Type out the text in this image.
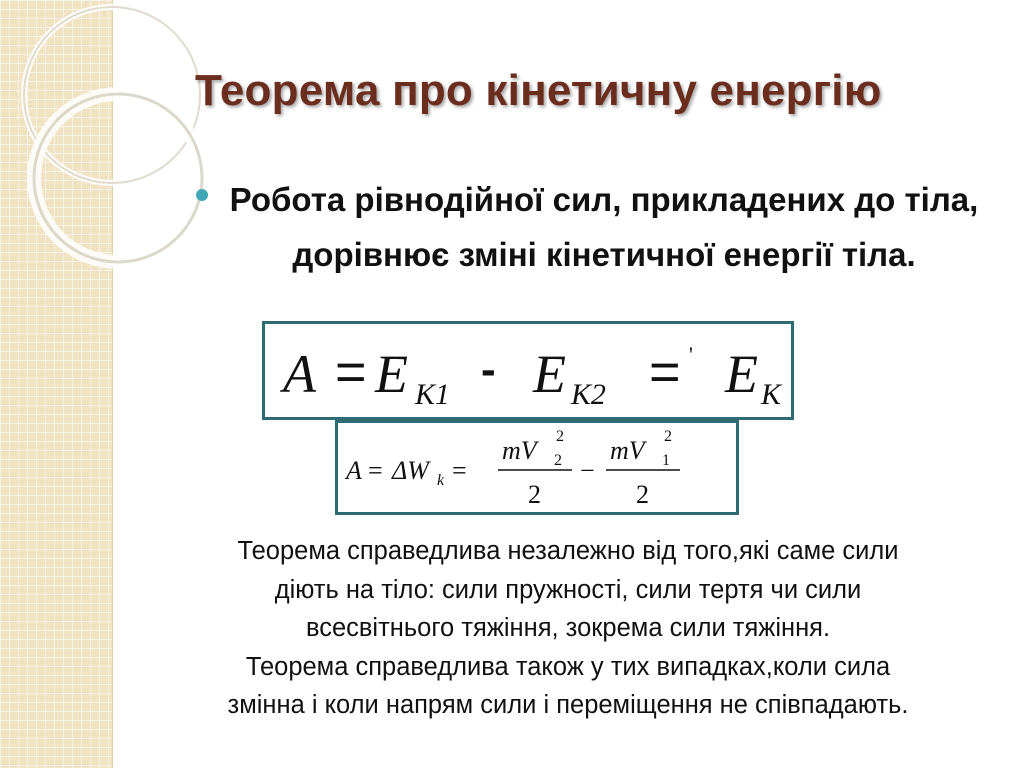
Теорема про кінетичну енергію
Робота рівнодійної сил, прикладених до тіла, дорівнює зміні кінетичної енергії тіла.
A = E К1
- E К2 = ' E К
A = ΔW k =
mV 2
2
2
−
mV 1
2
2

Теорема справедлива незалежно від того,які саме сили
діють на тіло: сили пружності, сили тертя чи сили
всесвітнього тяжіння, зокрема сили тяжіння.
Теорема справедлива також у тих випадках,коли сила
змінна і коли напрям сили і переміщення не співпадають.
